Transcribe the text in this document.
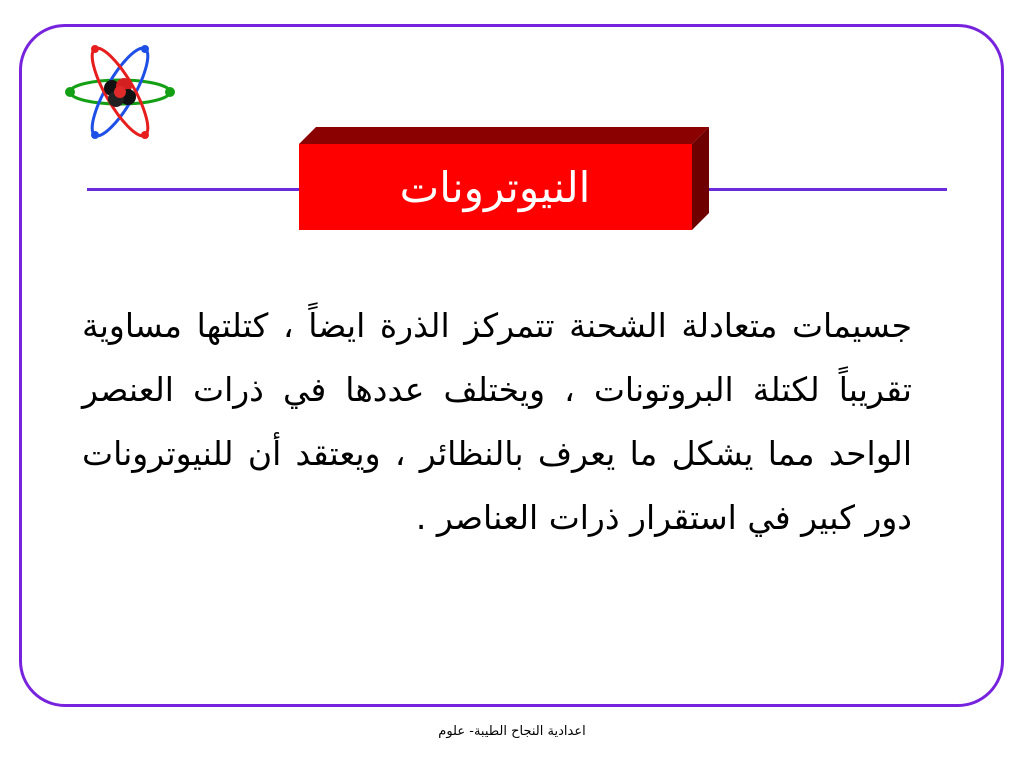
النيوترونات
جسيمات متعادلة الشحنة تتمركز الذرة ايضاً ، كتلتها مساوية تقريباً لكتلة البروتونات ، ويختلف عددها في ذرات العنصر الواحد مما يشكل ما يعرف بالنظائر ، ويعتقد أن للنيوترونات دور كبير في استقرار ذرات العناصر .
اعدادية النجاح الطيبة- علوم
